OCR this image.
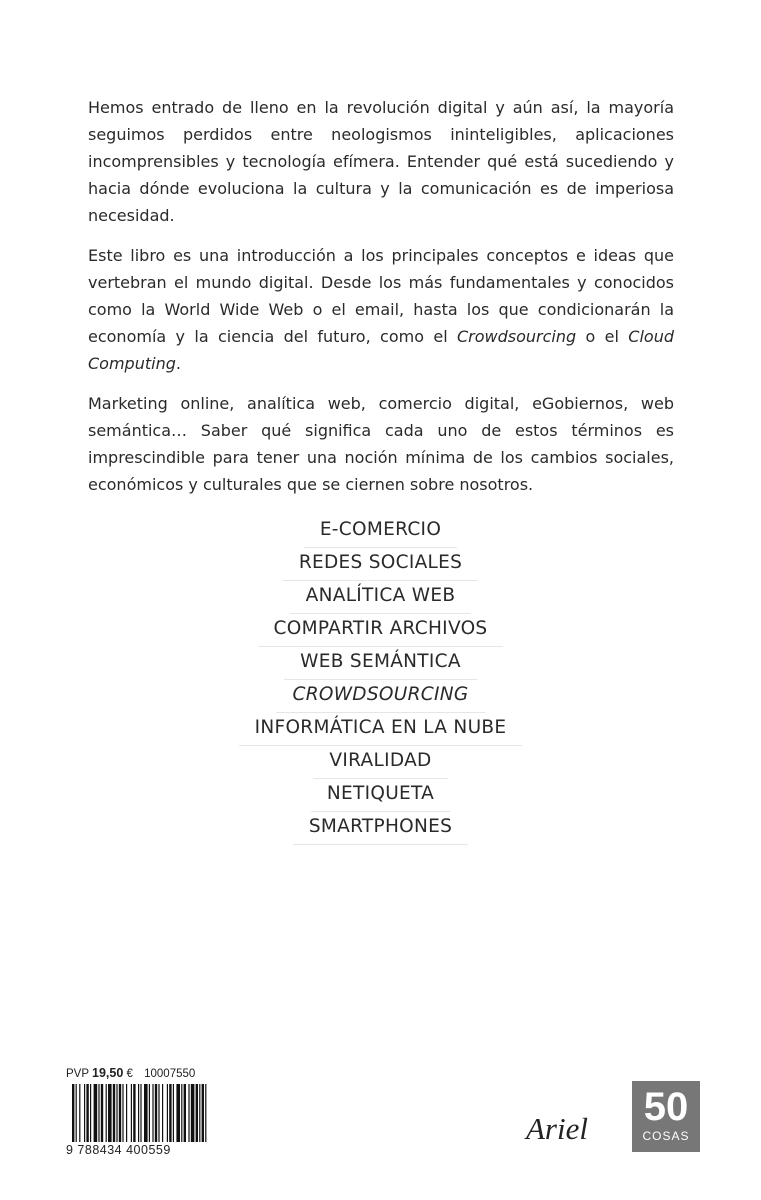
Hemos entrado de lleno en la revolución digital y aún así, la mayoría seguimos perdidos entre neologismos ininteligibles, aplicaciones incomprensibles y tecnología efímera. Entender qué está sucediendo y hacia dónde evoluciona la cultura y la comunicación es de imperiosa necesidad.

Este libro es una introducción a los principales conceptos e ideas que vertebran el mundo digital. Desde los más fundamentales y conocidos como la World Wide Web o el email, hasta los que condicionarán la economía y la ciencia del futuro, como el Crowdsourcing o el Cloud Computing.

Marketing online, analítica web, comercio digital, eGobiernos, web semántica… Saber qué significa cada uno de estos términos es imprescindible para tener una noción mínima de los cambios sociales, económicos y culturales que se ciernen sobre nosotros.

E-COMERCIO
REDES SOCIALES
ANALÍTICA WEB
COMPARTIR ARCHIVOS
WEB SEMÁNTICA
CROWDSOURCING
INFORMÁTICA EN LA NUBE
VIRALIDAD
NETIQUETA
SMARTPHONES
PVP 19,50 € 10007550
9 788434 400559
Ariel 50
COSAS
